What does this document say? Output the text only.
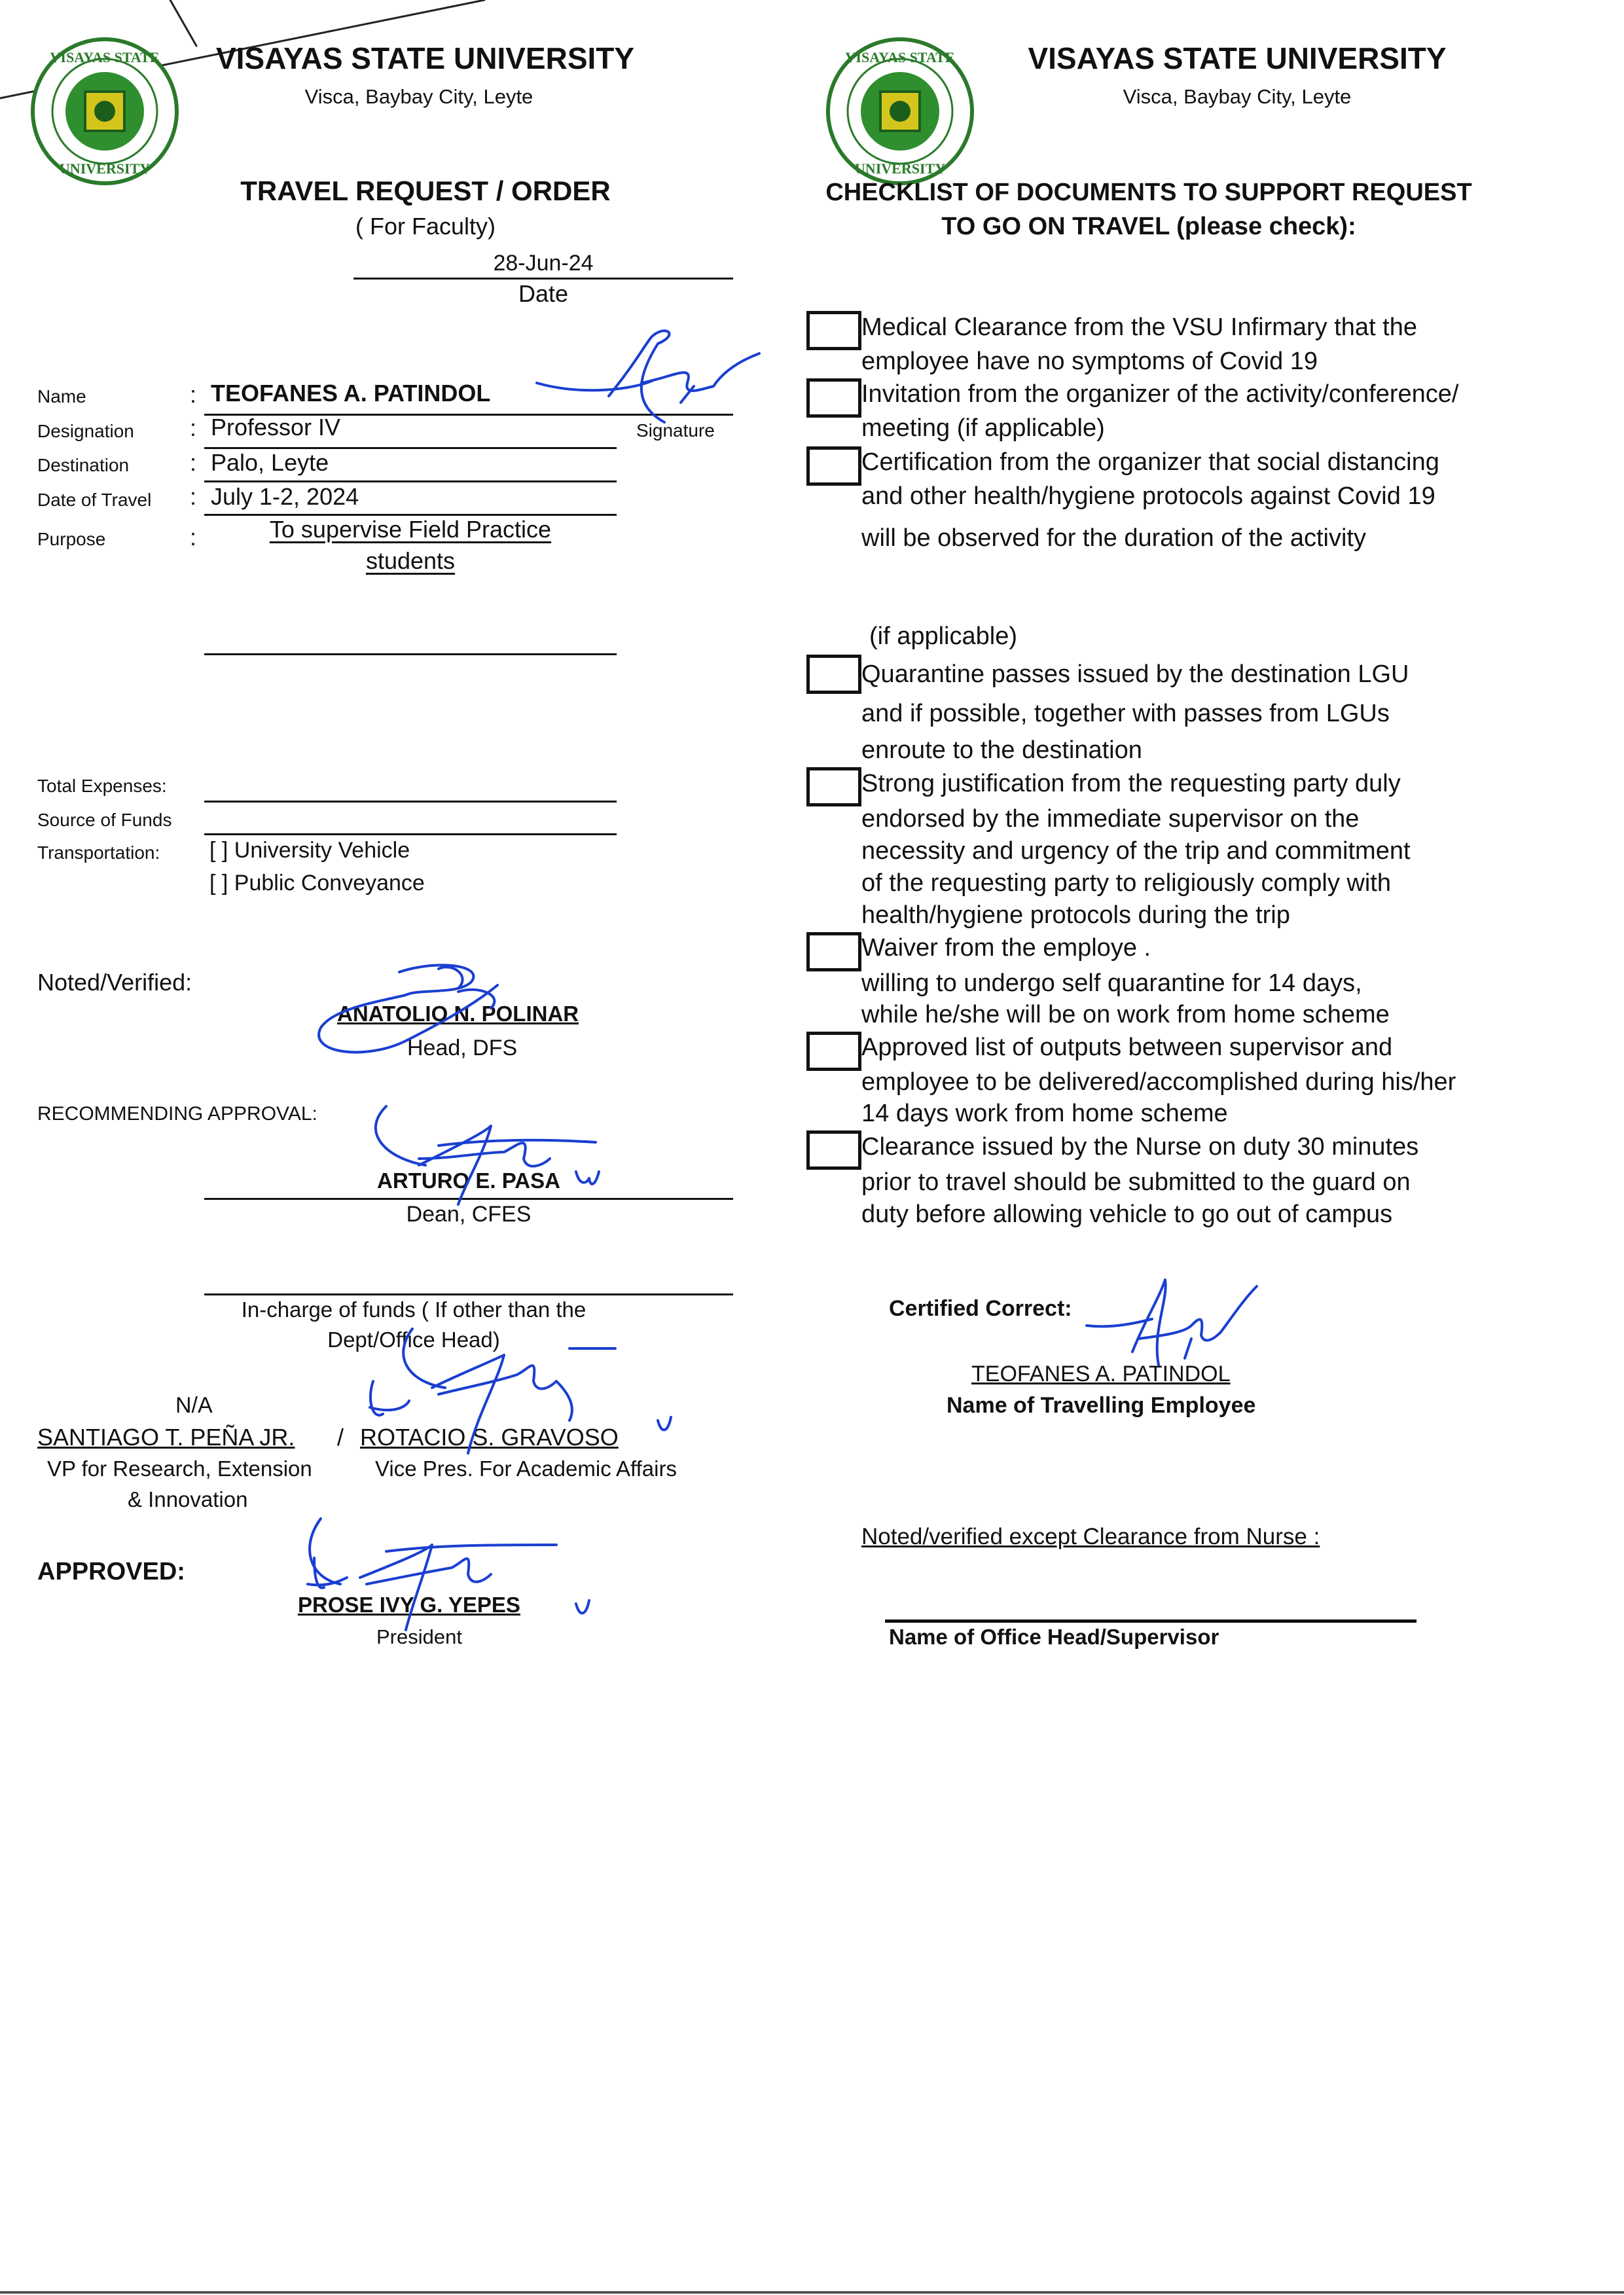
VISAYAS STATE
UNIVERSITY
VISAYAS STATE UNIVERSITY
Visca, Baybay City, Leyte
TRAVEL REQUEST / ORDER
( For Faculty)
28-Jun-24
Date
Name	: TEOFANES A. PATINDOL
Signature
Designation : Professor IV
Destination	: Palo, Leyte
Date of Travel : July 1-2, 2024
Purpose	:	To supervise Field Practice
students
Total Expenses:
Source of Funds
Transportation: [ ] University Vehicle
[ ] Public Conveyance
Noted/Verified:
ANATOLIO N. POLINAR
Head, DFS
RECOMMENDING APPROVAL:
ARTURO E. PASA
Dean, CFES
In-charge of funds ( If other than the
Dept/Office Head)
N/A
SANTIAGO T. PEÑA JR. / ROTACIO S. GRAVOSO
VP for Research, Extension
& Innovation
Vice Pres. For Academic Affairs
APPROVED:
PROSE IVY G. YEPES
President
VISAYAS STATE
UNIVERSITY
VISAYAS STATE UNIVERSITY
Visca, Baybay City, Leyte
CHECKLIST OF DOCUMENTS TO SUPPORT REQUEST
TO GO ON TRAVEL (please check):
Medical Clearance from the VSU Infirmary that the
employee have no symptoms of Covid 19
Invitation from the organizer of the activity/conference/
meeting (if applicable)
Certification from the organizer that social distancing
and other health/hygiene protocols against Covid 19
will be observed for the duration of the activity
(if applicable)
Quarantine passes issued by the destination LGU
and if possible, together with passes from LGUs
enroute to the destination
Strong justification from the requesting party duly
endorsed by the immediate supervisor on the
necessity and urgency of the trip and commitment
of the requesting party to religiously comply with
health/hygiene protocols during the trip
Waiver from the employe .
willing to undergo self quarantine for 14 days,
while he/she will be on work from home scheme
Approved list of outputs between supervisor and
employee to be delivered/accomplished during his/her
14 days work from home scheme
Clearance issued by the Nurse on duty 30 minutes
prior to travel should be submitted to the guard on
duty before allowing vehicle to go out of campus
Certified Correct:
TEOFANES A. PATINDOL
Name of Travelling Employee
Noted/verified except Clearance from Nurse :
Name of Office Head/Supervisor
